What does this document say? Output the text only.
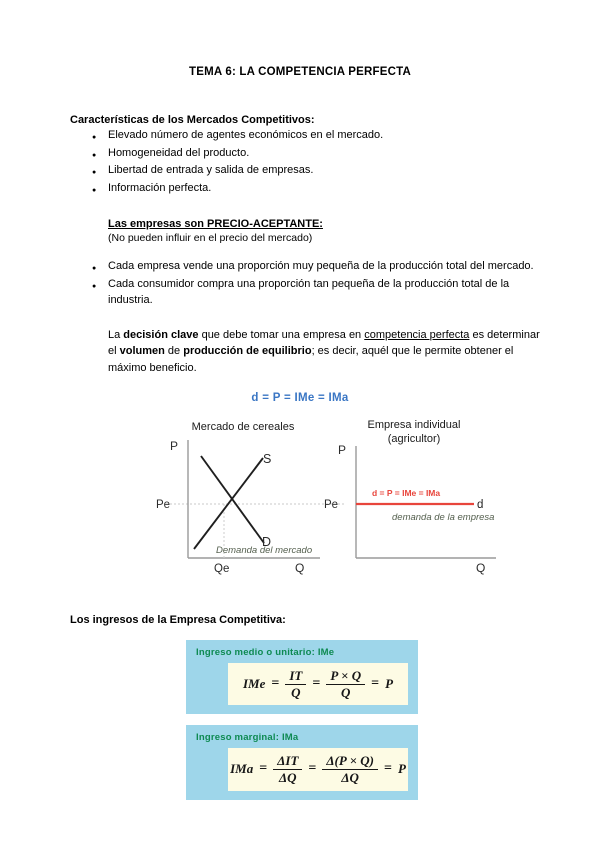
TEMA 6: LA COMPETENCIA PERFECTA
Características de los Mercados Competitivos:
● Elevado número de agentes económicos en el mercado.
● Homogeneidad del producto.
● Libertad de entrada y salida de empresas.
● Información perfecta.

Las empresas son PRECIO-ACEPTANTE:

(No pueden influir en el precio del mercado)

● Cada empresa vende una proporción muy pequeña de la producción total del mercado.
● Cada consumidor compra una proporción tan pequeña de la producción total de la industria.

La decisión clave que debe tomar una empresa en competencia perfecta es determinar el volumen de producción de equilibrio; es decir, aquél que le permite obtener el máximo beneficio.

d = P = IMe = IMa
Mercado de cereales
P
Q
Pe
Qe
S
D
Demanda del mercado
Empresa individual
(agricultor)
P
Q
Pe
d = P = IMe = IMa
d
demanda de la empresa
Los ingresos de la Empresa Competitiva:
Ingreso medio o unitario: IMe
IMe = $\frac{IT}{Q} = \frac{P \times Q}{Q} = P$
Ingreso marginal: IMa
IMa = $\frac{\text{ΔIT}}{\Delta Q} = \frac{\Delta(P \times Q)}{\Delta Q} = P$
